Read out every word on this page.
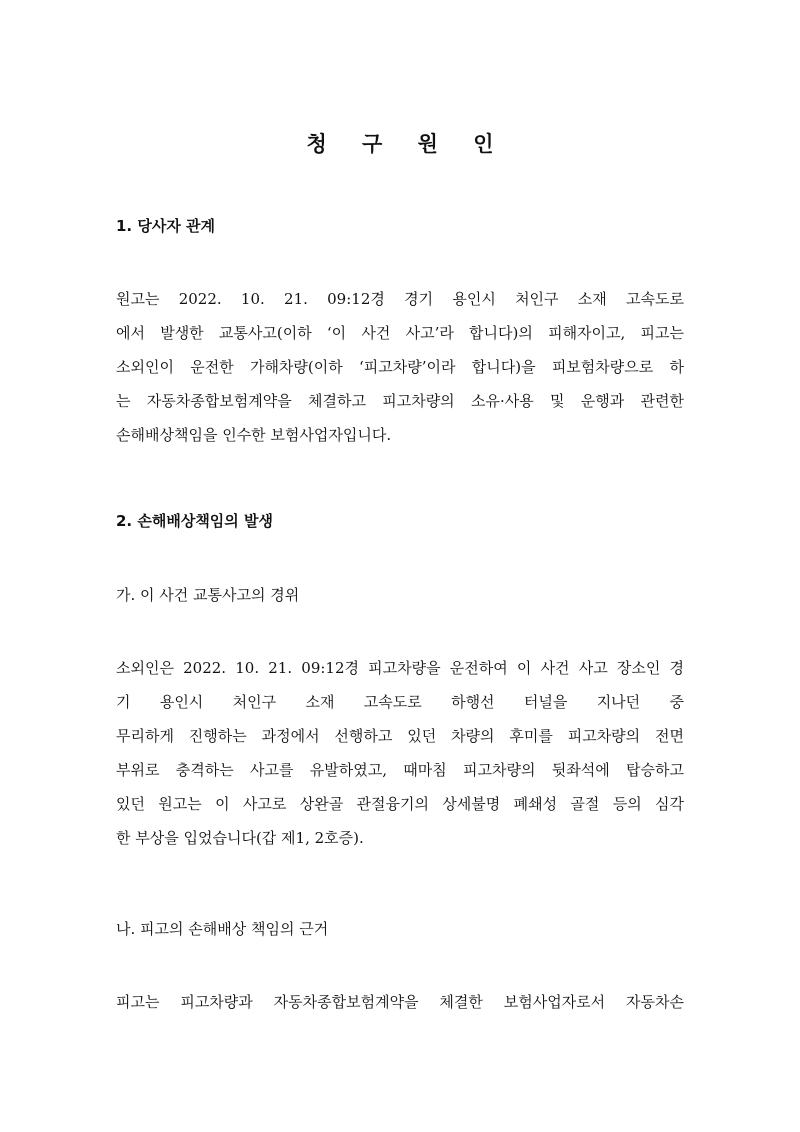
청 구 원 인
1. 당사자 관계
원고는 2022. 10. 21. 09:12경 경기 용인시 처인구 소재 고속도로
에서 발생한 교통사고(이하 ‘이 사건 사고’라 합니다)의 피해자이고, 피고는
소외인이 운전한 가해차량(이하 ‘피고차량’이라 합니다)을 피보험차량으로 하
는 자동차종합보험계약을 체결하고 피고차량의 소유·사용 및 운행과 관련한
손해배상책임을 인수한 보험사업자입니다.
2. 손해배상책임의 발생
가. 이 사건 교통사고의 경위
소외인은 2022. 10. 21. 09:12경 피고차량을 운전하여 이 사건 사고 장소인 경
기 용인시 처인구 소재 고속도로 하행선 터널을 지나던 중
무리하게 진행하는 과정에서 선행하고 있던 차량의 후미를 피고차량의 전면
부위로 충격하는 사고를 유발하였고, 때마침 피고차량의 뒷좌석에 탑승하고
있던 원고는 이 사고로 상완골 관절융기의 상세불명 폐쇄성 골절 등의 심각
한 부상을 입었습니다(갑 제1, 2호증).
나. 피고의 손해배상 책임의 근거
피고는 피고차량과 자동차종합보험계약을 체결한 보험사업자로서 자동차손
